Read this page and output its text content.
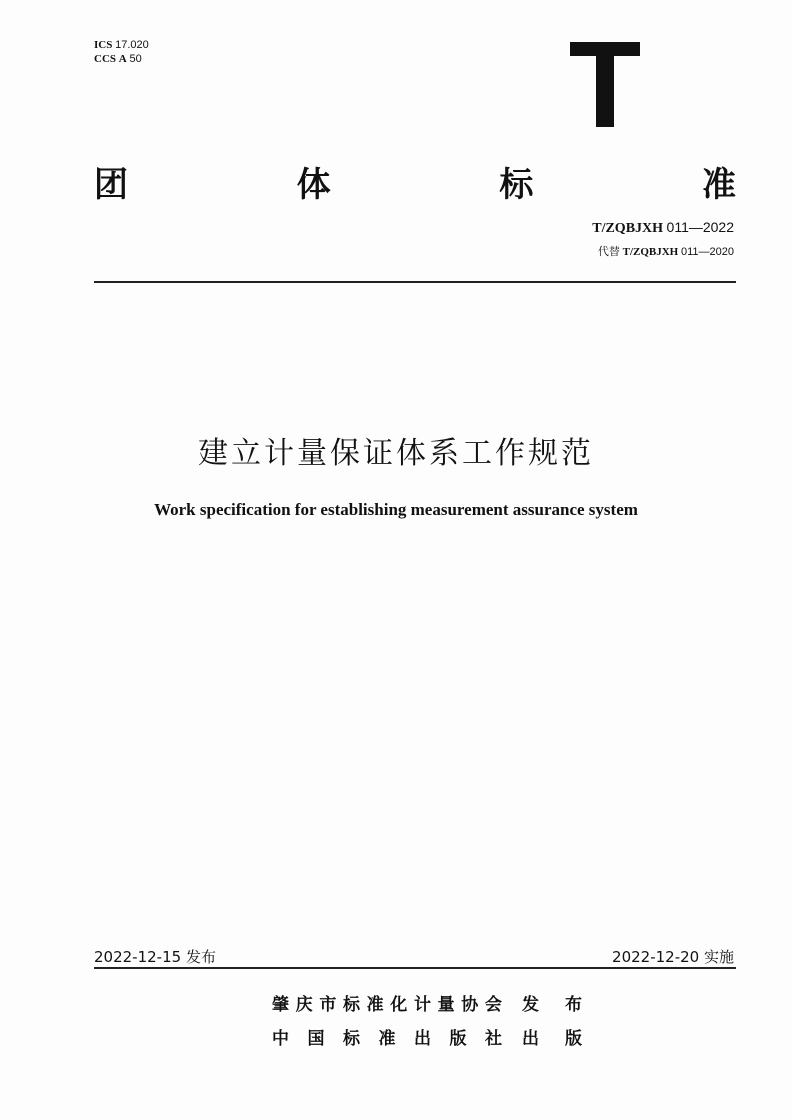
ICS 17.020
CCS A 50
团	体	标	准
T/ZQBJXH 011—2022
代替 T/ZQBJXH 011—2020
建立计量保证体系工作规范
Work specification for establishing measurement assurance system
2022-12-15 发布	2022-12-20 实施
肇 庆 市 标 准 化 计 量 协 会 发 布
中 国 标 准 出 版 社 出 版
